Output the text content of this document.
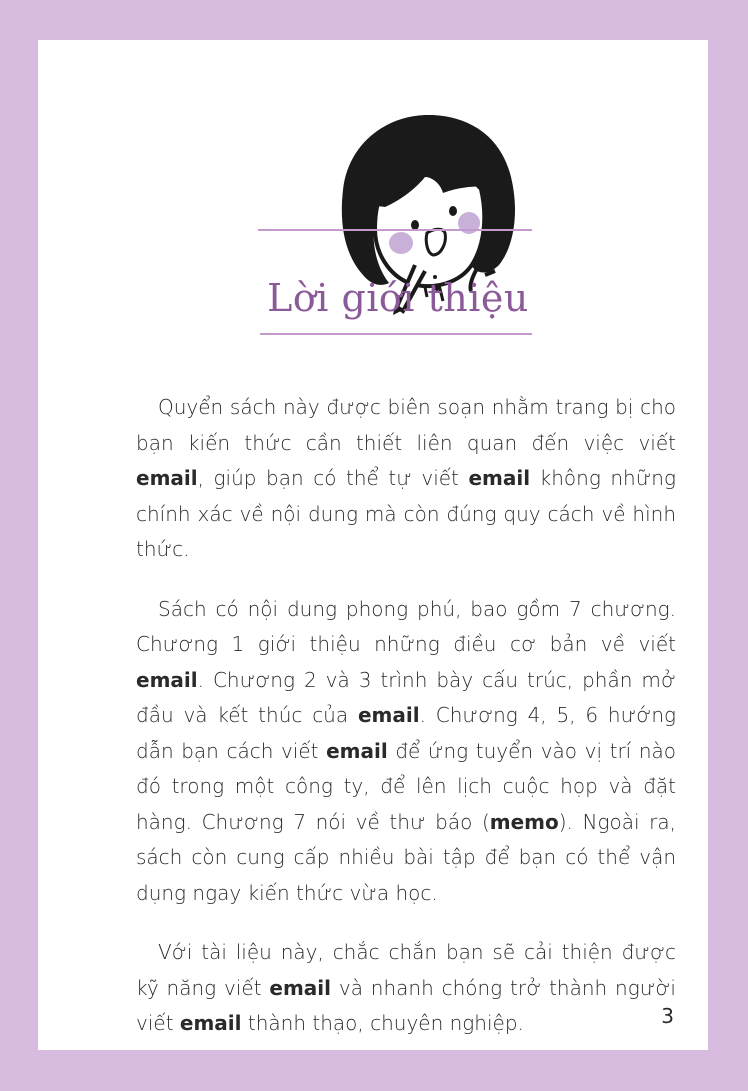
Lời giới thiệu

Quyển sách này được biên soạn nhằm trang bị cho bạn kiến thức cần thiết liên quan đến việc viết email, giúp bạn có thể tự viết email không những chính xác về nội dung mà còn đúng quy cách về hình thức.

Sách có nội dung phong phú, bao gồm 7 chương. Chương 1 giới thiệu những điều cơ bản về viết email. Chương 2 và 3 trình bày cấu trúc, phần mở đầu và kết thúc của email. Chương 4, 5, 6 hướng dẫn bạn cách viết email để ứng tuyển vào vị trí nào đó trong một công ty, để lên lịch cuộc họp và đặt hàng. Chương 7 nói về thư báo (memo). Ngoài ra, sách còn cung cấp nhiều bài tập để bạn có thể vận dụng ngay kiến thức vừa học.

Với tài liệu này, chắc chắn bạn sẽ cải thiện được kỹ năng viết email và nhanh chóng trở thành người viết email thành thạo, chuyên nghiệp.	3
